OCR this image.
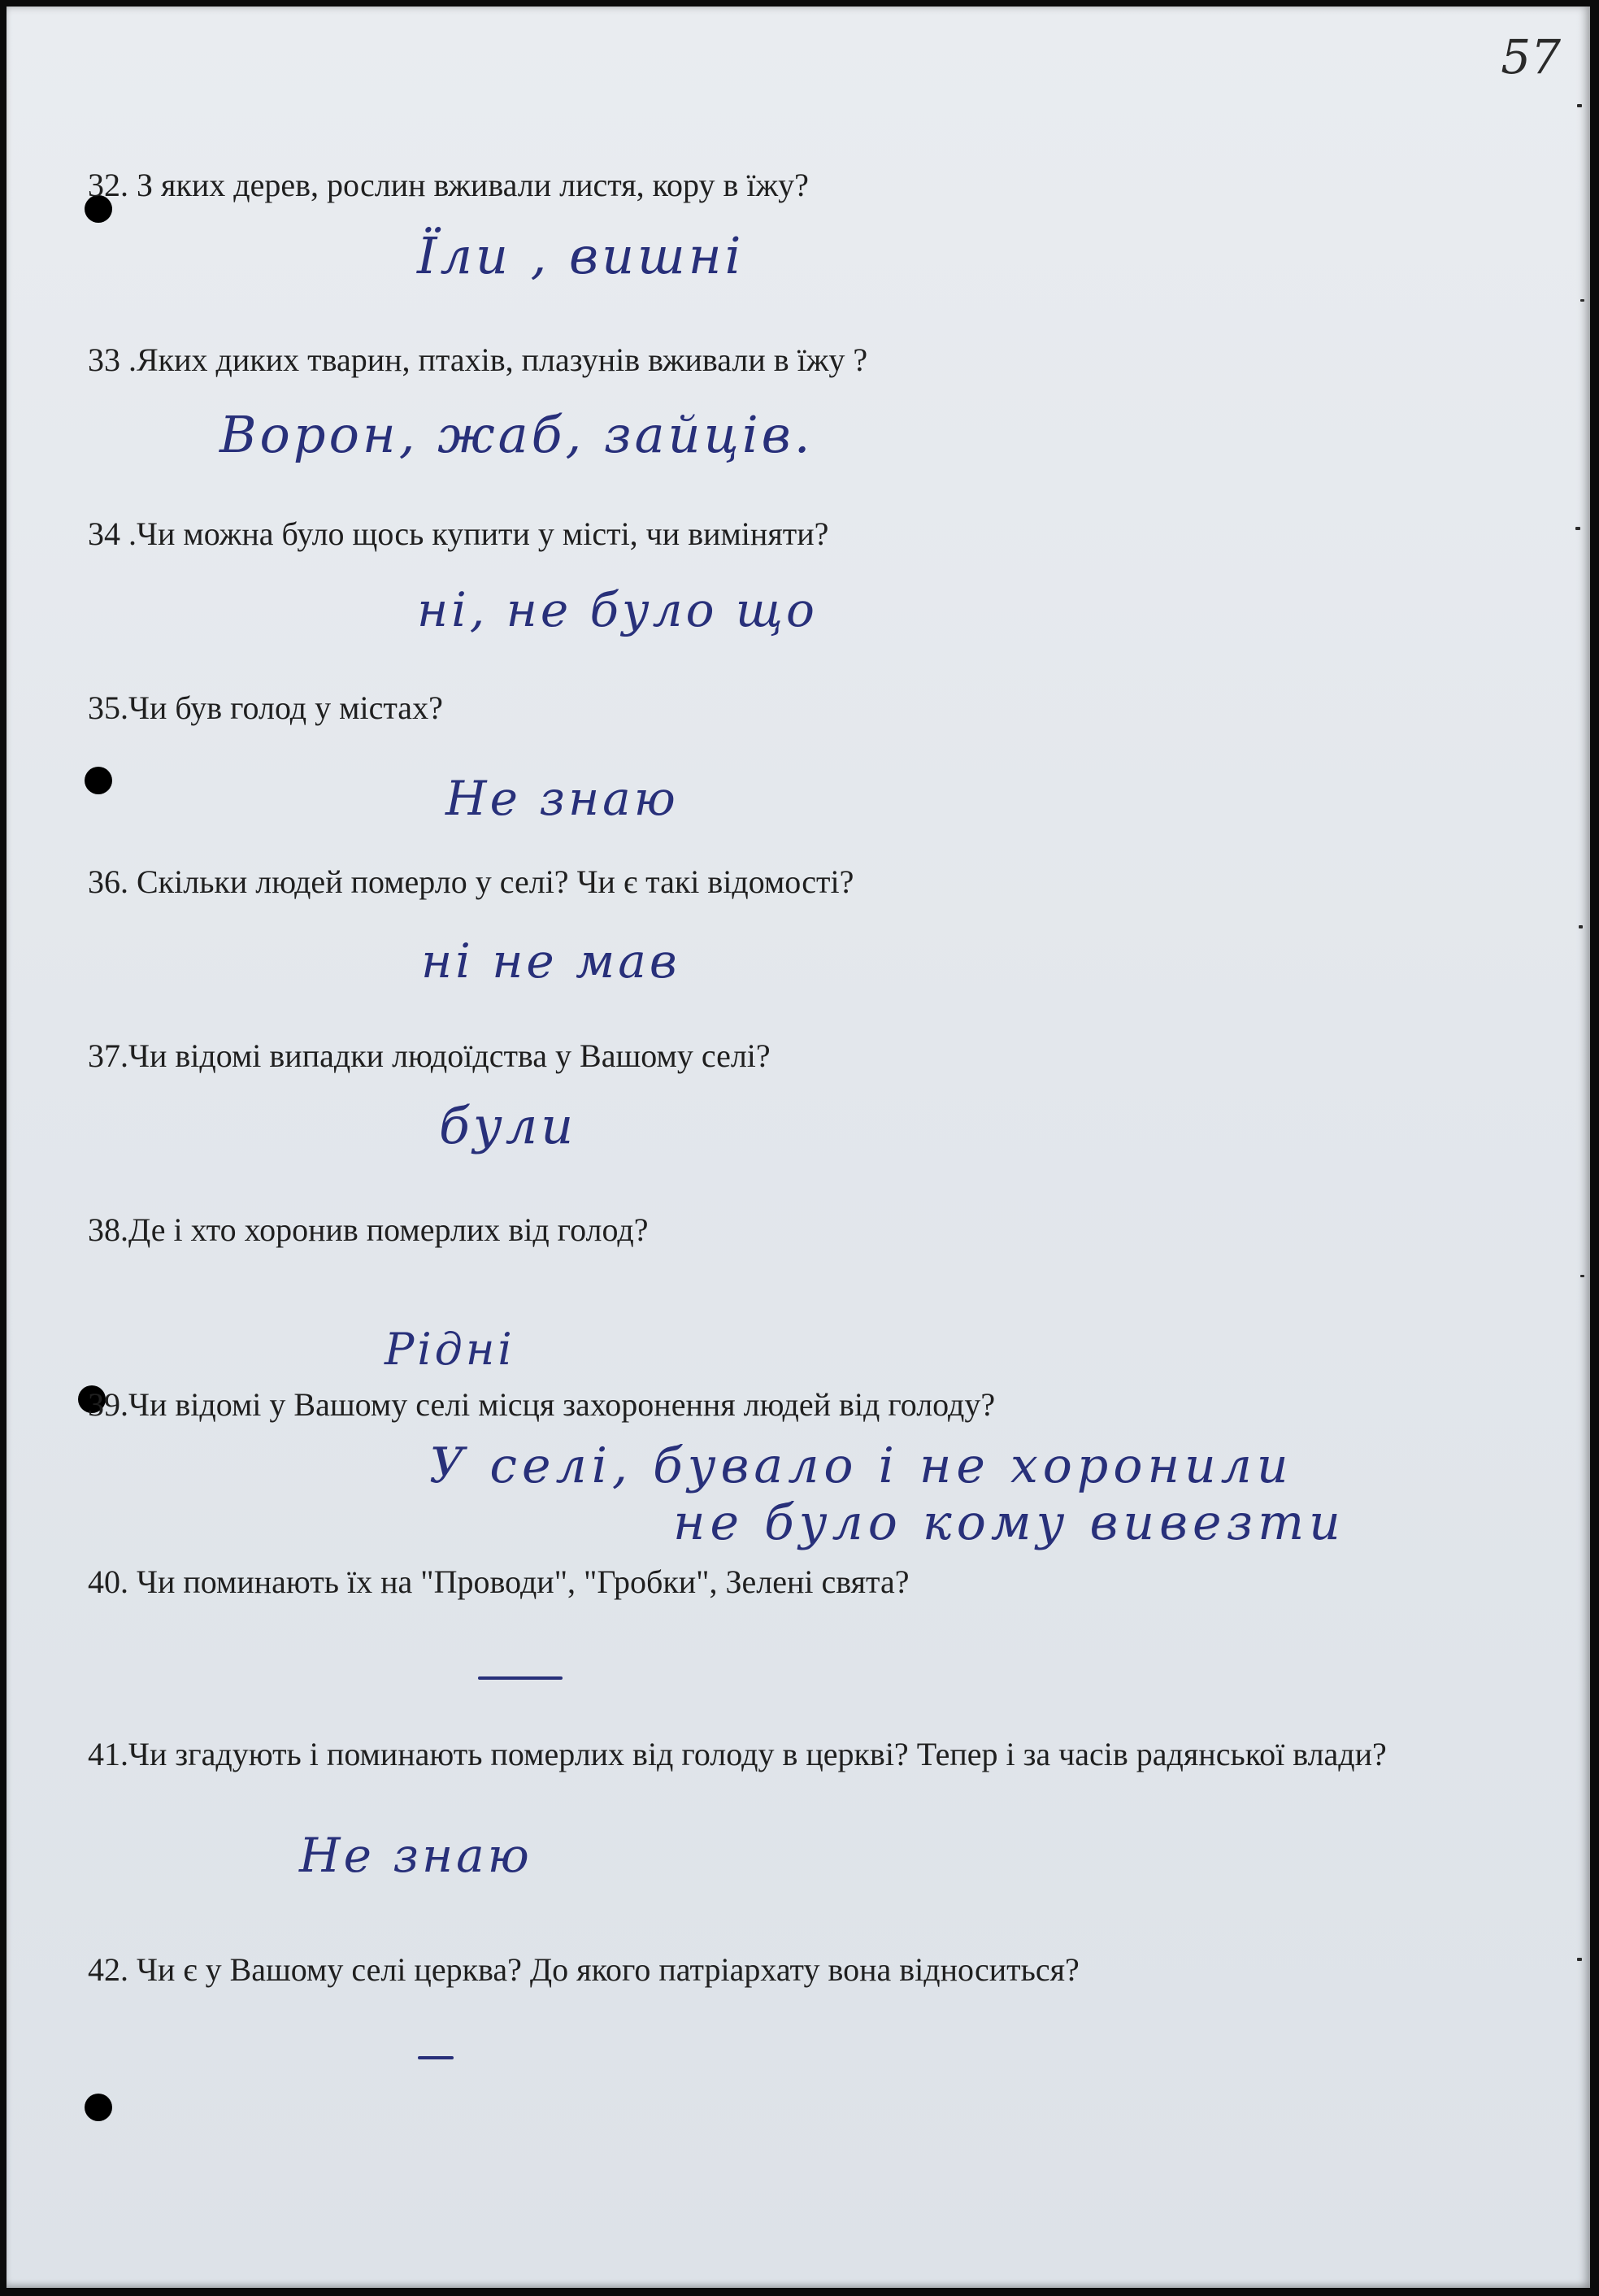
57
32. З яких дерев, рослин вживали листя, кору в їжу?
Їли , вишні
33 .Яких диких тварин, птахів, плазунів вживали в їжу ?
Ворон, жаб, зайців.
34 .Чи можна було щось купити у місті, чи виміняти?
ні, не було що
35.Чи був голод у містах?
Не знаю
36. Скільки людей померло у селі? Чи є такі відомості?
ні не мав
37.Чи відомі випадки людоїдства у Вашому селі?
були
38.Де і хто хоронив померлих від голод?
Рідні
39.Чи відомі у Вашому селі місця захоронення людей від голоду?
У селі, бувало і не хоронили
не було кому вивезти
40. Чи поминають їх на "Проводи", "Гробки", Зелені свята?
41.Чи згадують і поминають померлих від голоду в церкві? Тепер і за часів радянської влади?
Не знаю
42. Чи є у Вашому селі церква? До якого патріархату вона відноситься?
